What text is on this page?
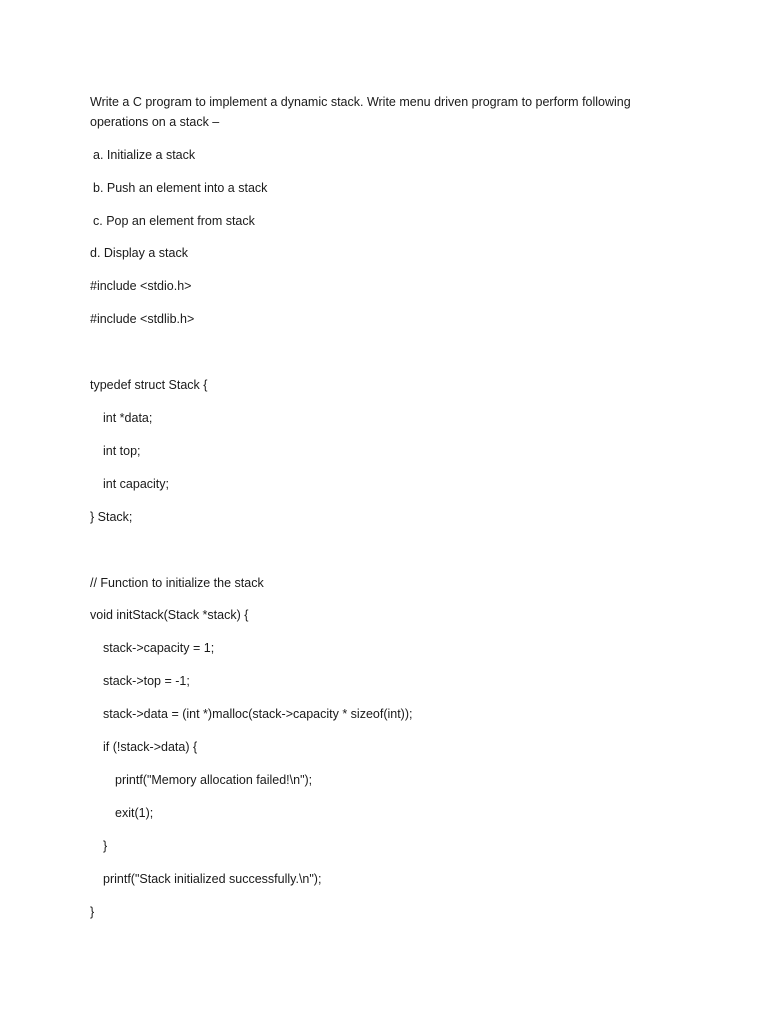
Write a C program to implement a dynamic stack. Write menu driven program to perform following operations on a stack –

a. Initialize a stack

b. Push an element into a stack

c. Pop an element from stack

d. Display a stack

#include <stdio.h>

#include <stdlib.h>

typedef struct Stack {

int *data;

int top;

int capacity;

} Stack;

// Function to initialize the stack

void initStack(Stack *stack) {

stack->capacity = 1;

stack->top = -1;

stack->data = (int *)malloc(stack->capacity * sizeof(int));

if (!stack->data) {

printf("Memory allocation failed!\n");

exit(1);

}

printf("Stack initialized successfully.\n");

}
